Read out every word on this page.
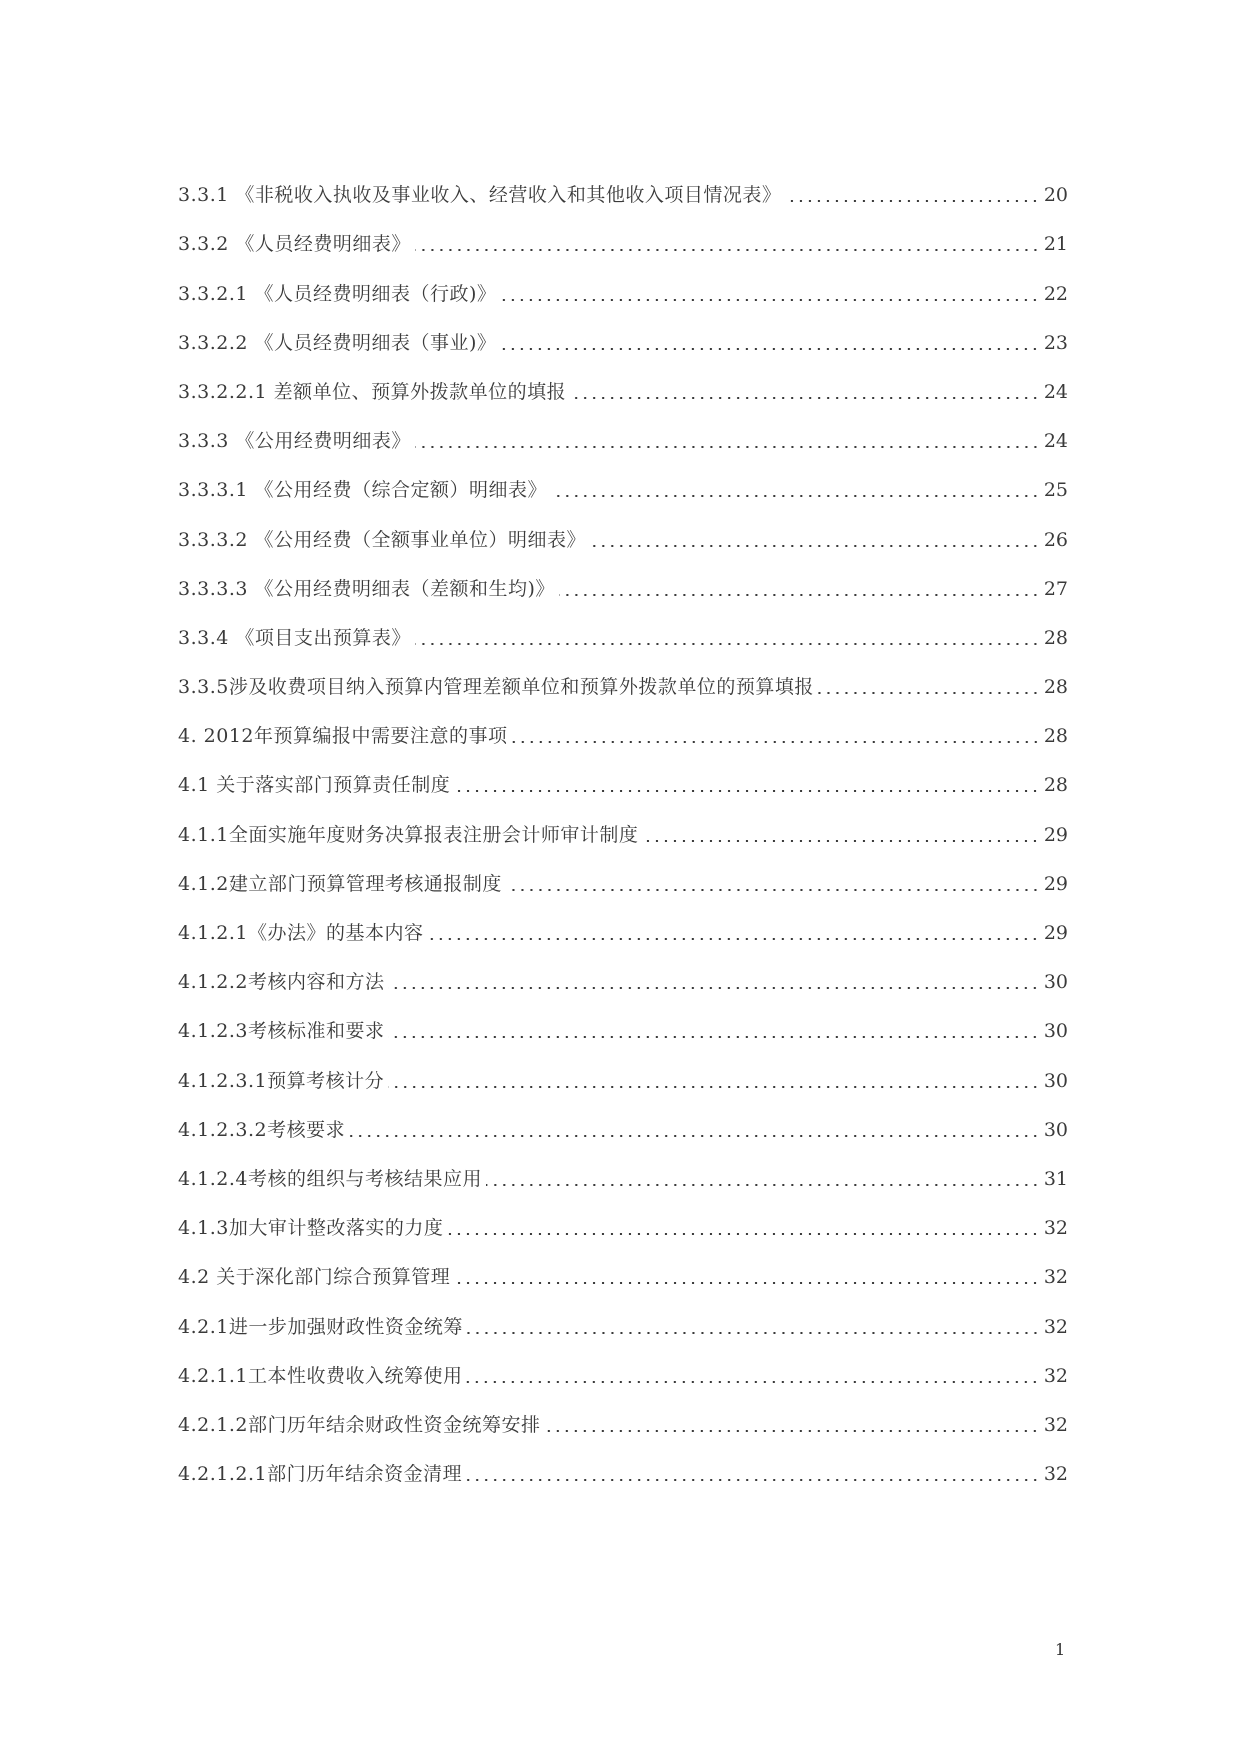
3.3.1 《非税收入执收及事业收入、经营收入和其他收入项目情况表》	20
3.3.2 《人员经费明细表》	21
3.3.2.1 《人员经费明细表（行政)》	22
3.3.2.2 《人员经费明细表（事业)》	23
3.3.2.2.1 差额单位、预算外拨款单位的填报	24
3.3.3 《公用经费明细表》	24
3.3.3.1 《公用经费（综合定额）明细表》	25
3.3.3.2 《公用经费（全额事业单位）明细表》	26
3.3.3.3 《公用经费明细表（差额和生均)》	27
3.3.4 《项目支出预算表》	28
3.3.5涉及收费项目纳入预算内管理差额单位和预算外拨款单位的预算填报	28
4. 2012年预算编报中需要注意的事项	28
4.1 关于落实部门预算责任制度	28
4.1.1全面实施年度财务决算报表注册会计师审计制度	29
4.1.2建立部门预算管理考核通报制度	29
4.1.2.1《办法》的基本内容	29
4.1.2.2考核内容和方法	30
4.1.2.3考核标准和要求	30
4.1.2.3.1预算考核计分	30
4.1.2.3.2考核要求	30
4.1.2.4考核的组织与考核结果应用	31
4.1.3加大审计整改落实的力度	32
4.2 关于深化部门综合预算管理	32
4.2.1进一步加强财政性资金统筹	32
4.2.1.1工本性收费收入统筹使用	32
4.2.1.2部门历年结余财政性资金统筹安排	32
4.2.1.2.1部门历年结余资金清理	32
1
